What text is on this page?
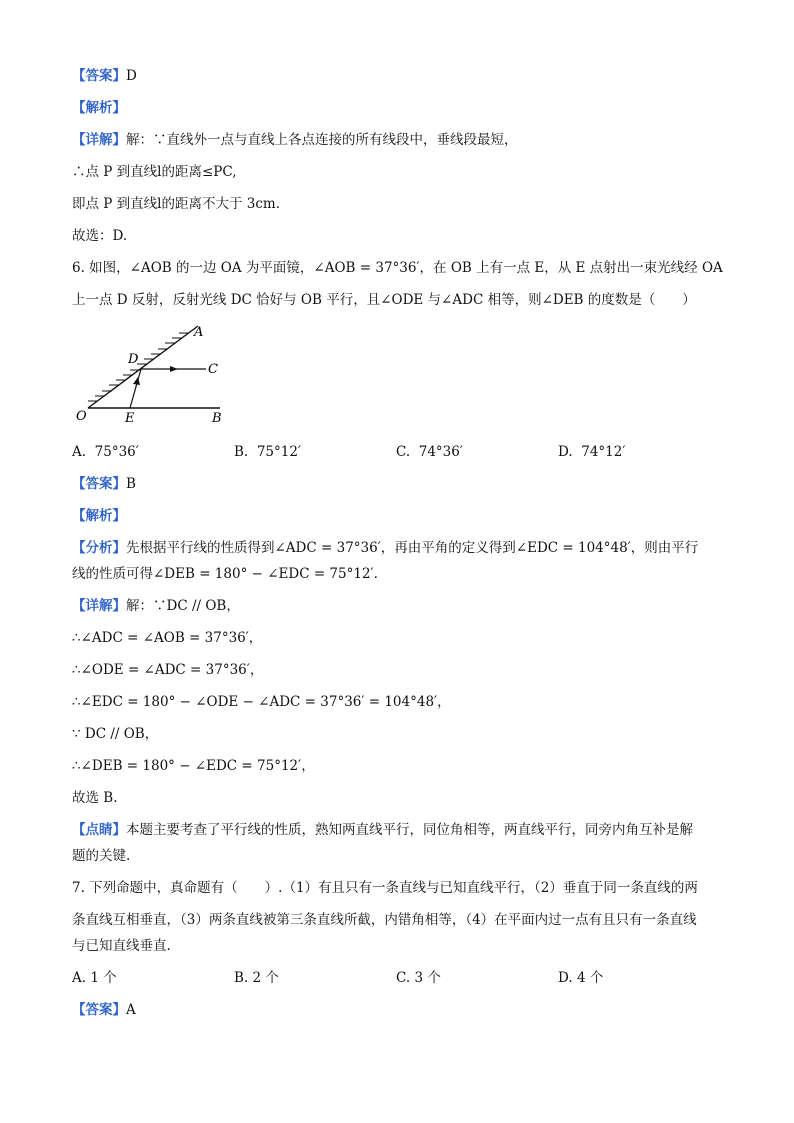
【答案】D
【解析】
【详解】解：∵直线外一点与直线上各点连接的所有线段中，垂线段最短，
∴点 P 到直线l的距离≤PC,
即点 P 到直线l的距离不大于 3cm.
故选：D.
6. 如图，∠AOB 的一边 OA 为平面镜，∠AOB = 37°36′，在 OB 上有一点 E，从 E 点射出一束光线经 OA
上一点 D 反射，反射光线 DC 恰好与 OB 平行，且∠ODE 与∠ADC 相等，则∠DEB 的度数是（　　）
A
D
C
O	E	B
A. 75°36′	B. 75°12′	C. 74°36′	D. 74°12′
【答案】B
【解析】
【分析】先根据平行线的性质得到∠ADC = 37°36′，再由平角的定义得到∠EDC = 104°48′，则由平行
线的性质可得∠DEB = 180° − ∠EDC = 75°12′.
【详解】解：∵DC // OB，
∴∠ADC = ∠AOB = 37°36′，
∴∠ODE = ∠ADC = 37°36′，
∴∠EDC = 180° − ∠ODE − ∠ADC = 37°36′ = 104°48′，
∵ DC // OB，
∴∠DEB = 180° − ∠EDC = 75°12′，
故选 B.
【点睛】本题主要考查了平行线的性质，熟知两直线平行，同位角相等，两直线平行，同旁内角互补是解
题的关键.
7. 下列命题中，真命题有（　　）.（1）有且只有一条直线与已知直线平行，（2）垂直于同一条直线的两
条直线互相垂直，（3）两条直线被第三条直线所截，内错角相等，（4）在平面内过一点有且只有一条直线
与已知直线垂直.
A. 1 个	B. 2 个	C. 3 个	D. 4 个
【答案】A
